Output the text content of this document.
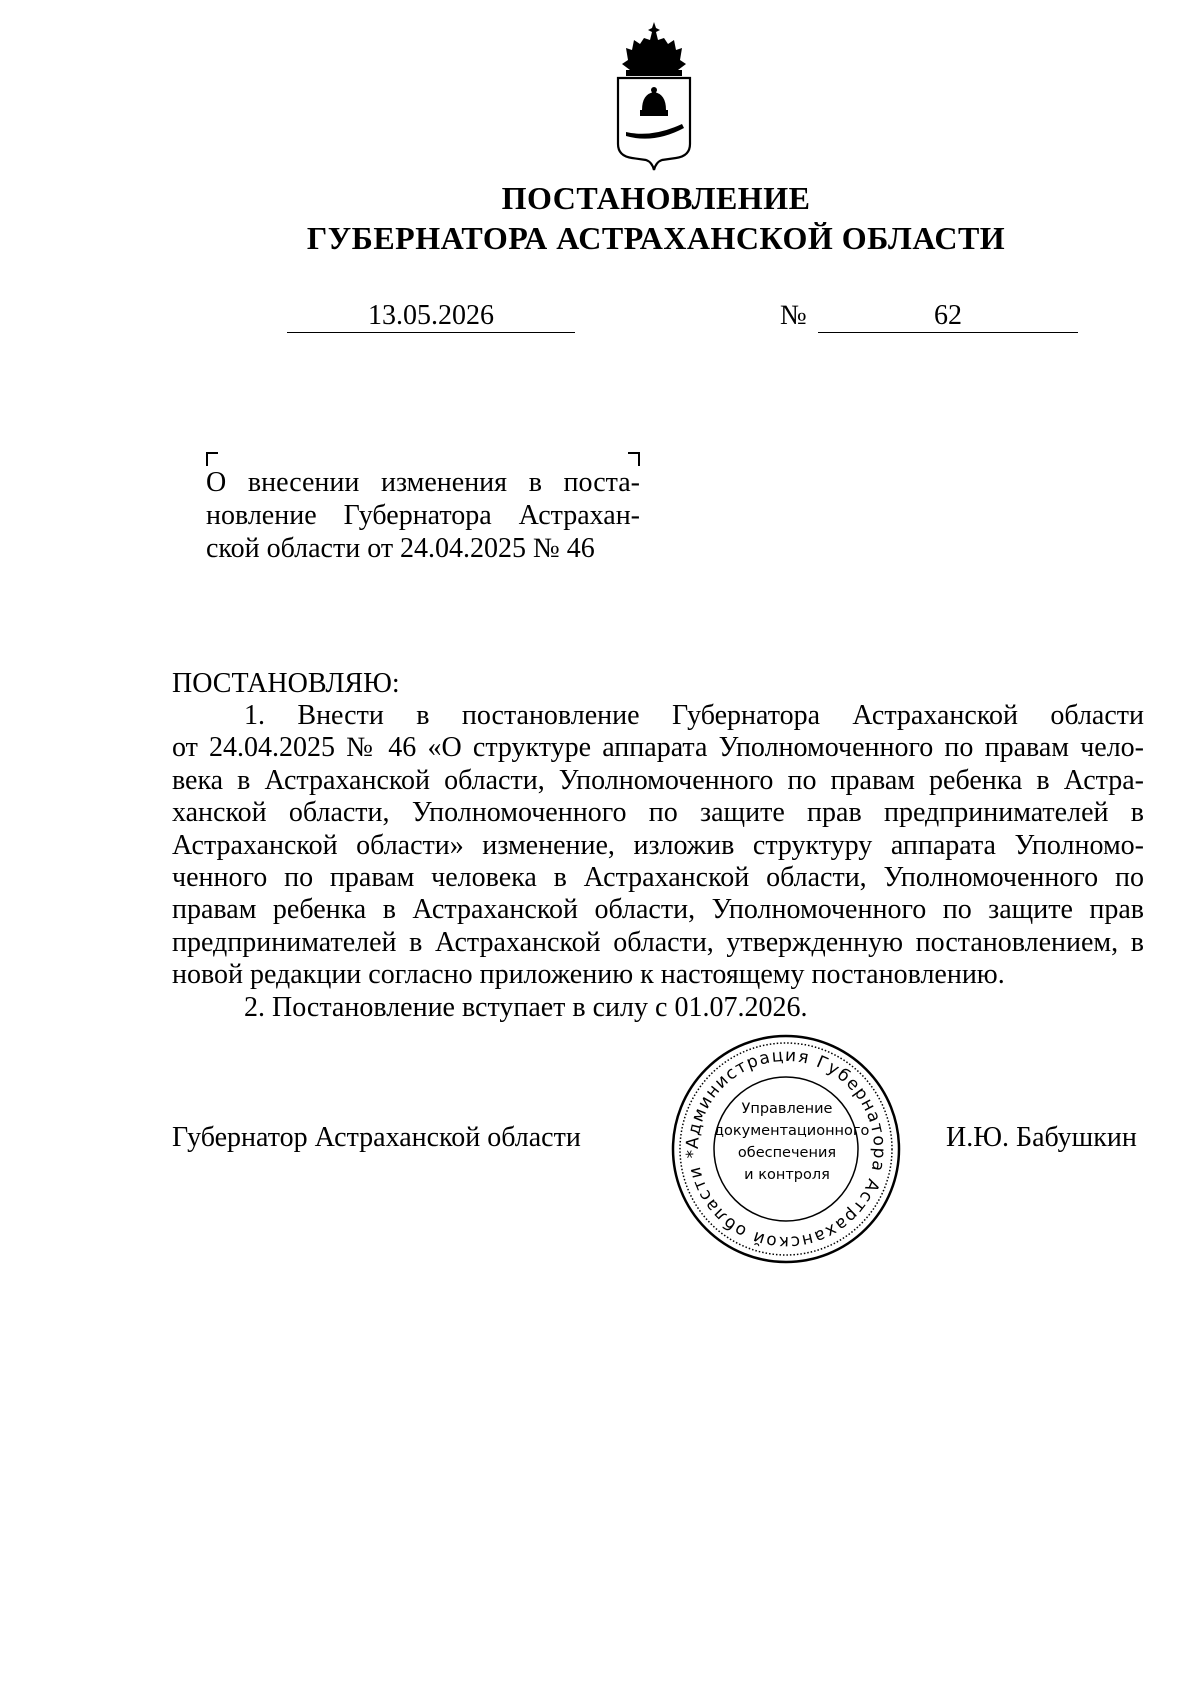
ПОСТАНОВЛЕНИЕ
ГУБЕРНАТОРА АСТРАХАНСКОЙ ОБЛАСТИ
13.05.2026	№	62
О внесении изменения в поста-
новление Губернатора Астрахан-
ской области от 24.04.2025 № 46
ПОСТАНОВЛЯЮ:
1. Внести в постановление Губернатора Астраханской области
от 24.04.2025 № 46 «О структуре аппарата Уполномоченного по правам чело-
века в Астраханской области, Уполномоченного по правам ребенка в Астра-
ханской области, Уполномоченного по защите прав предпринимателей в
Астраханской области» изменение, изложив структуру аппарата Уполномо-
ченного по правам человека в Астраханской области, Уполномоченного по
правам ребенка в Астраханской области, Уполномоченного по защите прав
предпринимателей в Астраханской области, утвержденную постановлением, в
новой редакции согласно приложению к настоящему постановлению.
2. Постановление вступает в силу с 01.07.2026.
Губернатор Астраханской области	И.Ю. Бабушкин
Администрация Губернатора Астраханской области *
Управление
документационного
обеспечения
и контроля
